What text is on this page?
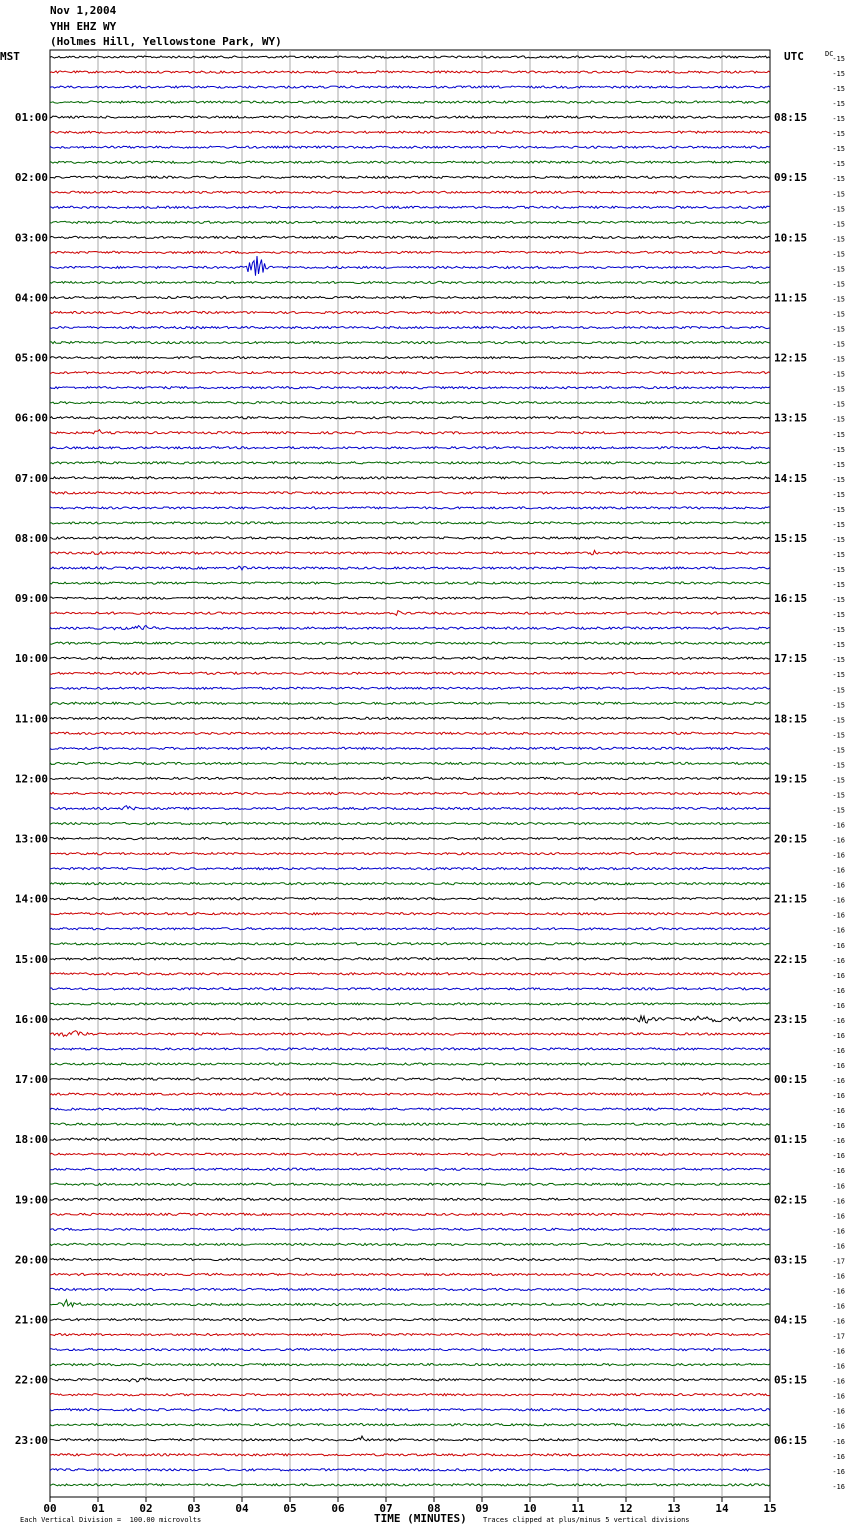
Nov 1,2004
YHH EHZ WY
(Holmes Hill, Yellowstone Park, WY)
MST	UTC	DC
00	01	02	03	04	05	06	07	08	09	10	11	12	13	14	15
-15
-15
-15
-15
01:00	08:15	-15
-15
-15
-15
02:00	09:15	-15
-15
-15
-15
03:00	10:15	-15
-15
-15
-15
04:00	11:15	-15
-15
-15
-15
05:00	12:15	-15
-15
-15
-15
06:00	13:15	-15
-15
-15
-15
07:00	14:15	-15
-15
-15
-15
08:00	15:15	-15
-15
-15
-15
09:00	16:15	-15
-15
-15
-15
10:00	17:15	-15
-15
-15
-15
11:00	18:15	-15
-15
-15
-15
12:00	19:15	-15
-15
-15
-16
13:00	20:15	-16
-16
-16
-16
14:00	21:15	-16
-16
-16
-16
15:00	22:15	-16
-16
-16
-16
16:00	23:15	-16
-16
-16
-16
17:00	00:15	-16
-16
-16
-16
18:00	01:15	-16
-16
-16
-16
19:00	02:15	-16
-16
-16
-16
20:00	03:15	-17
-16
-16
-16
21:00	04:15	-16
-17
-16
-16
22:00	05:15	-16
-16
-16
-16
23:00	06:15	-16
-16
-16
-16
Each Vertical Division =  100.00 microvolts	TIME (MINUTES) Traces clipped at plus/minus 5 vertical divisions
